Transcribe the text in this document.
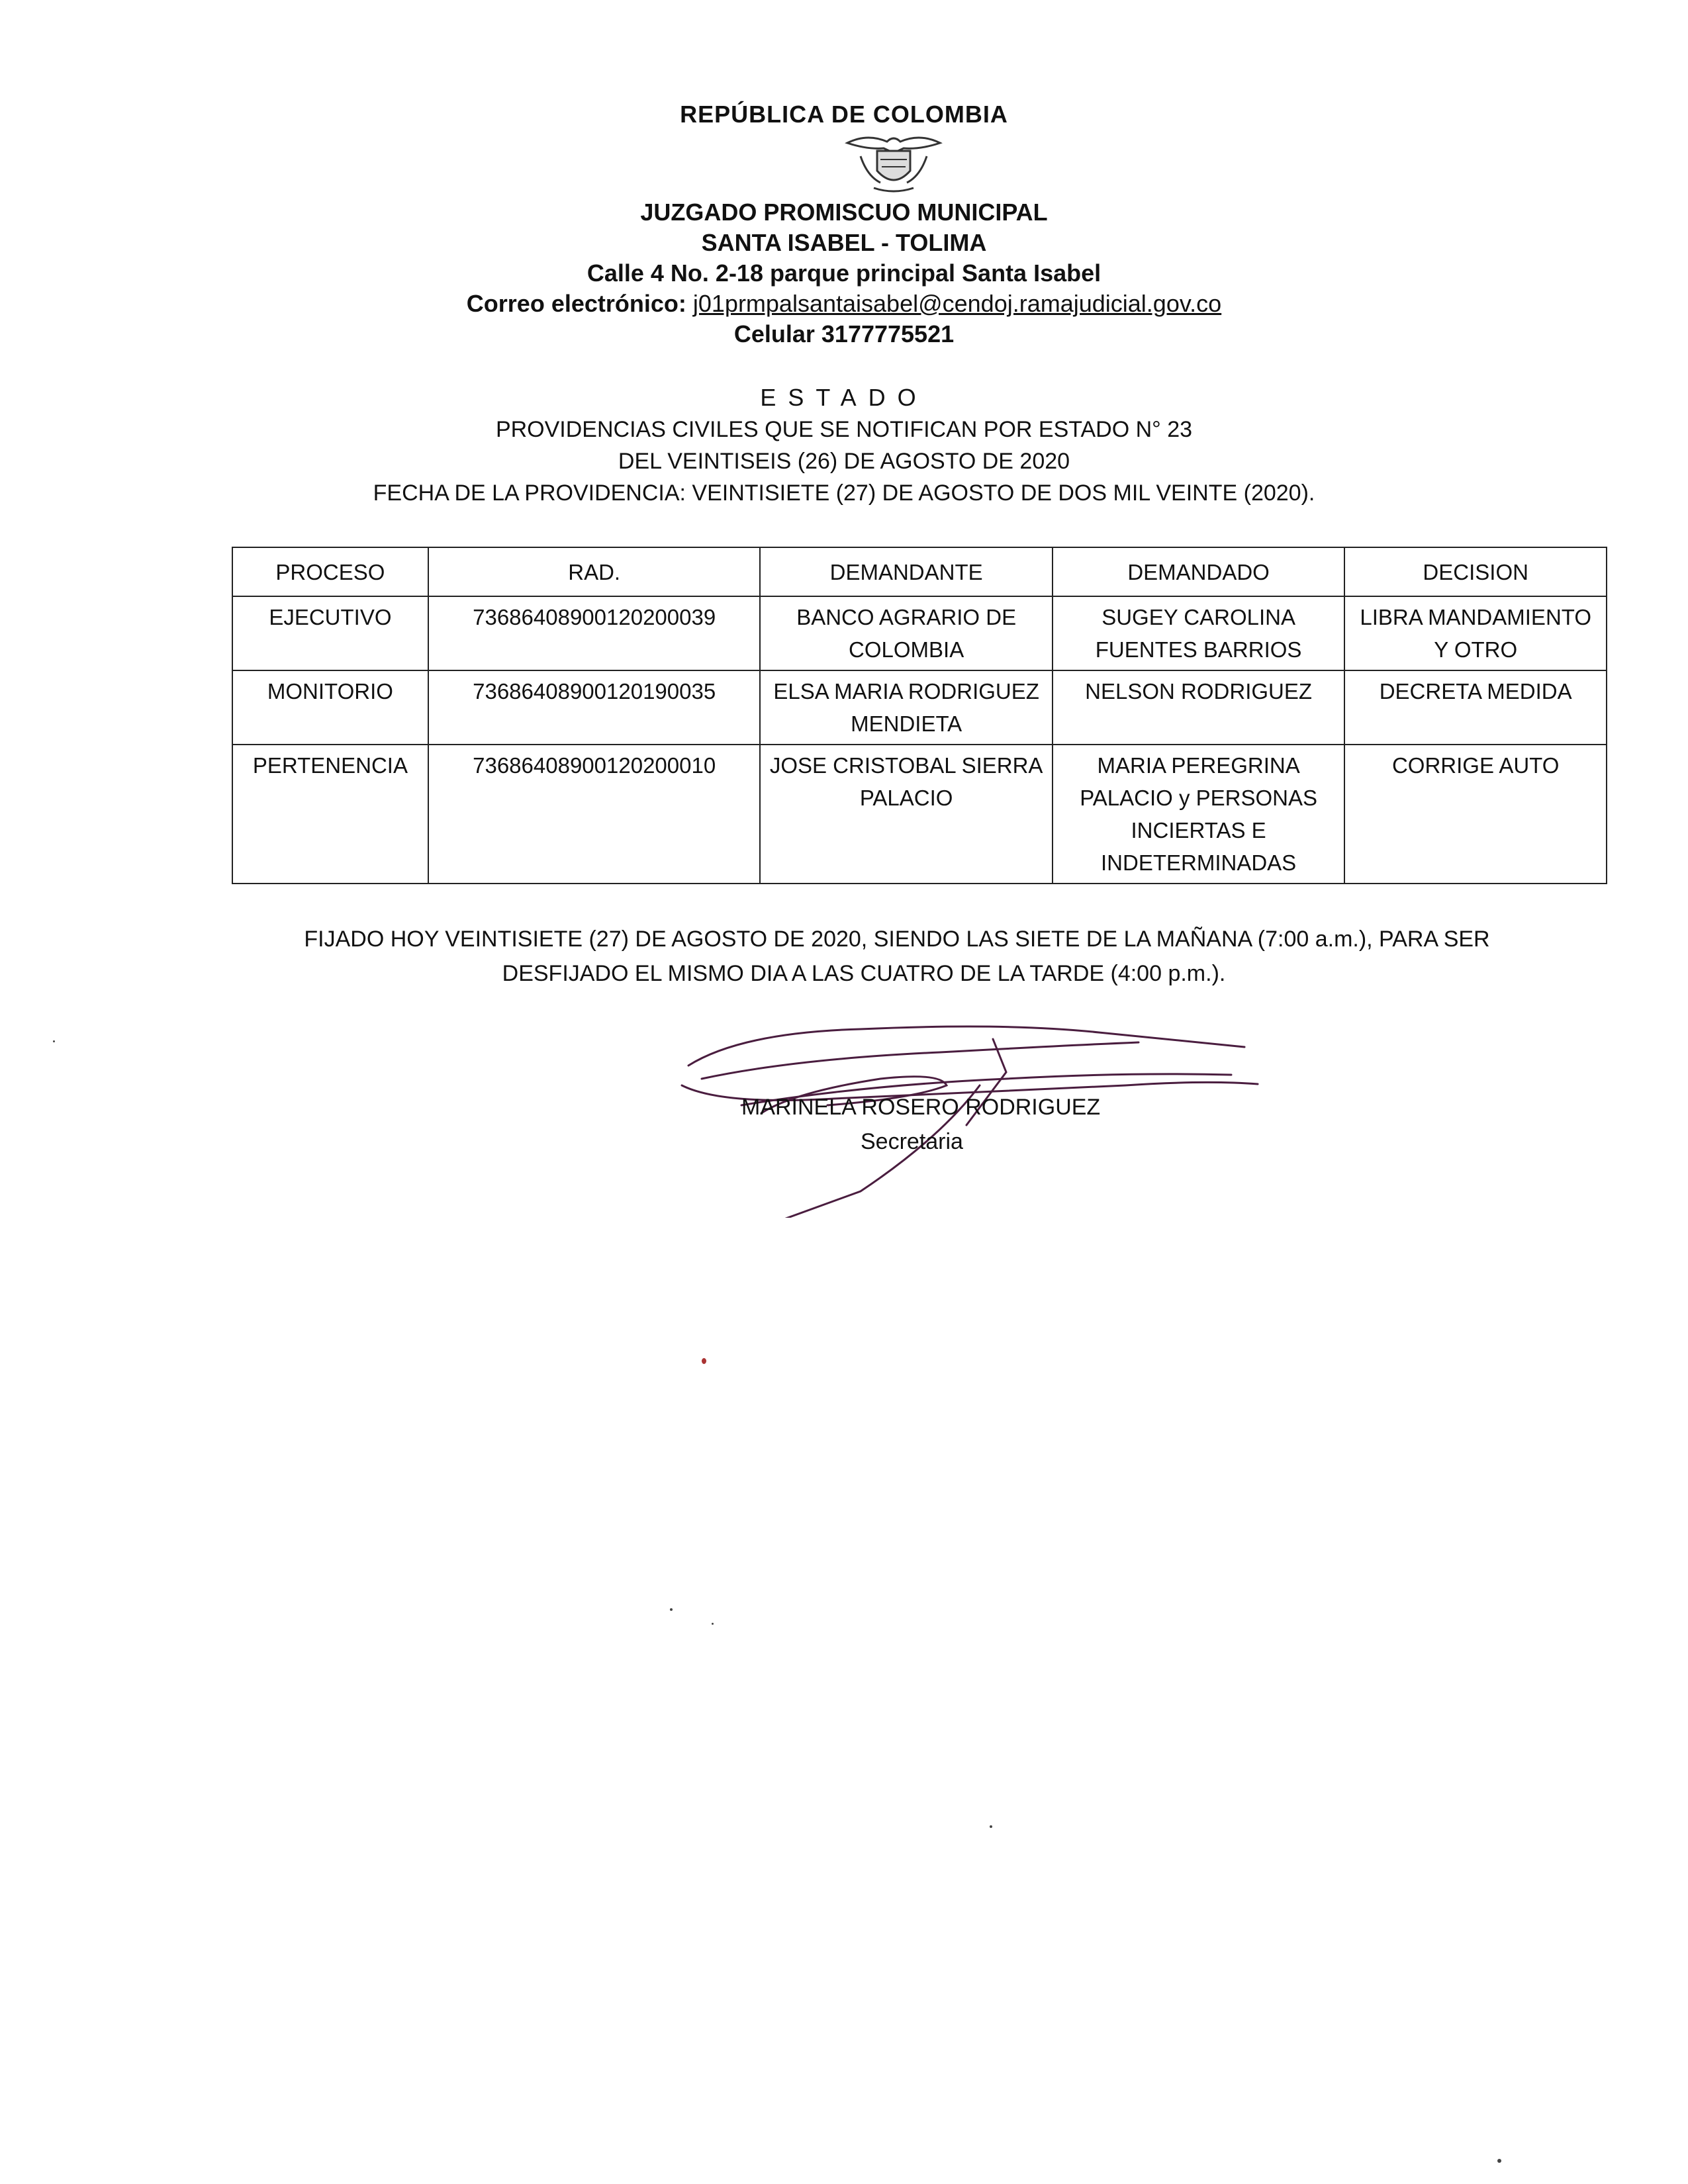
REPÚBLICA DE COLOMBIA
JUZGADO PROMISCUO MUNICIPAL
SANTA ISABEL - TOLIMA
Calle 4 No. 2-18 parque principal Santa Isabel
Correo electrónico: j01prmpalsantaisabel@cendoj.ramajudicial.gov.co
Celular 3177775521
ESTADO
PROVIDENCIAS CIVILES QUE SE NOTIFICAN POR ESTADO N° 23
DEL VEINTISEIS (26) DE AGOSTO DE 2020
FECHA DE LA PROVIDENCIA: VEINTISIETE (27) DE AGOSTO DE DOS MIL VEINTE (2020).
PROCESO	RAD.	DEMANDANTE	DEMANDADO	DECISION
EJECUTIVO	73686408900120200039	BANCO AGRARIO DE COLOMBIA	SUGEY CAROLINA FUENTES BARRIOS	LIBRA MANDAMIENTO Y OTRO
MONITORIO	73686408900120190035	ELSA MARIA RODRIGUEZ MENDIETA	NELSON RODRIGUEZ	DECRETA MEDIDA
PERTENENCIA	73686408900120200010	JOSE CRISTOBAL SIERRA PALACIO	MARIA PEREGRINA PALACIO y PERSONAS INCIERTAS E INDETERMINADAS	CORRIGE AUTO
FIJADO HOY VEINTISIETE (27) DE AGOSTO DE 2020, SIENDO LAS SIETE DE LA MAÑANA (7:00 a.m.), PARA SER
DESFIJADO EL MISMO DIA A LAS CUATRO DE LA TARDE (4:00 p.m.).
MARINELA ROSERO RODRIGUEZ
Secretaria
